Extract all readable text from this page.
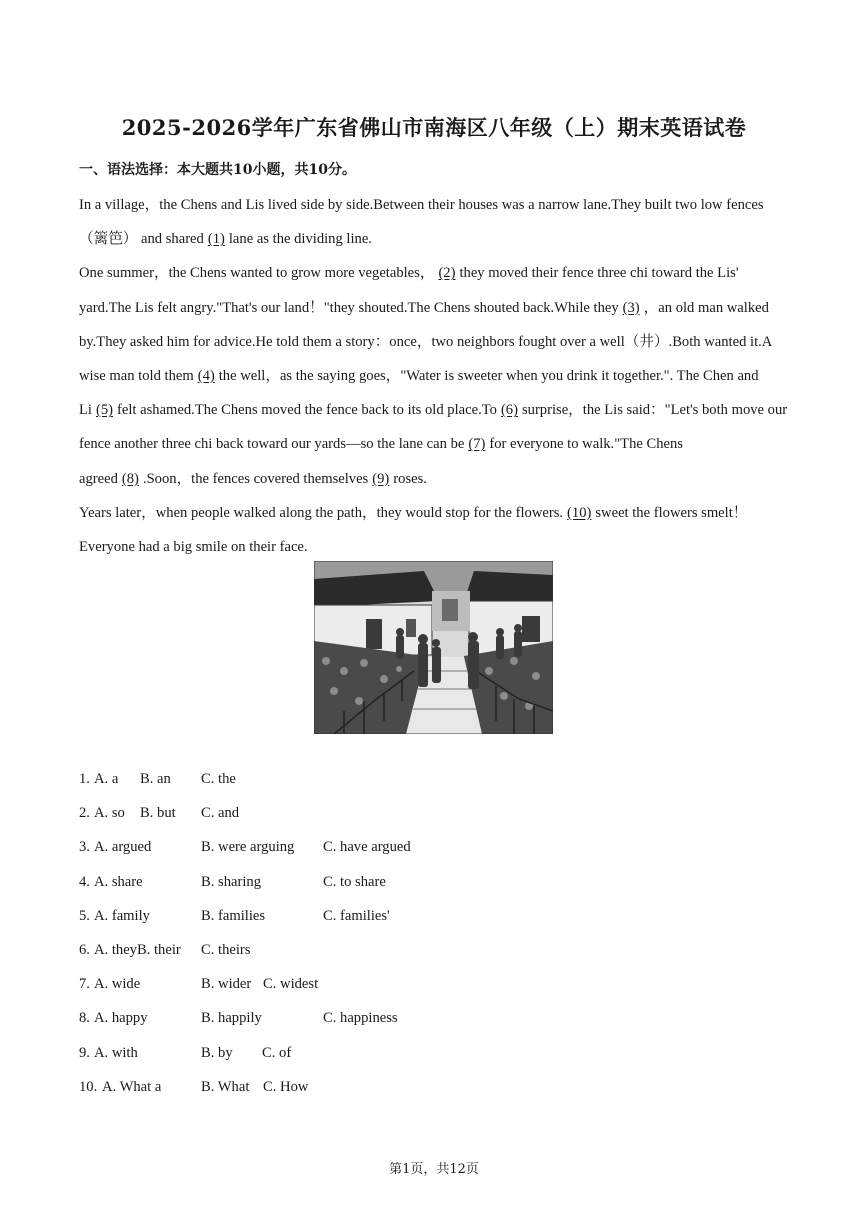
2025-2026学年广东省佛山市南海区八年级（上）期末英语试卷
一、语法选择：本大题共10小题，共10分。

In a village，the Chens and Lis lived side by side.Between their houses was a narrow lane.They built two low fences （篱笆） and shared (1) lane as the dividing line.

One summer，the Chens wanted to grow more vegetables， (2) they moved their fence three chi toward the Lis' yard.The Lis felt angry."That's our land！"they shouted.The Chens shouted back.While they (3) ，an old man walked by.They asked him for advice.He told them a story：once，two neighbors fought over a well（井）.Both wanted it.A wise man told them (4) the well，as the saying goes，"Water is sweeter when you drink it together.". The Chen and Li (5) felt ashamed.The Chens moved the fence back to its old place.To (6) surprise，the Lis said："Let's both move our fence another three chi back toward our yards—so the lane can be (7) for everyone to walk."The Chens agreed (8) .Soon，the fences covered themselves (9) roses.

Years later，when people walked along the path，they would stop for the flowers. (10) sweet the flowers smelt！Everyone had a big smile on their face.

1. A. a B. an C. the
2. A. so B. but C. and
3. A. argued	B. were arguing C. have argued
4. A. share	B. sharing	C. to share
5. A. family	B. families	C. families'
6. A. theyB. their C. theirs
7. A. wide	B. wider C. widest
8. A. happy	B. happily	C. happiness
9. A. with	B. by C. of
10. A. What a	B. What C. How
第1页，共12页
